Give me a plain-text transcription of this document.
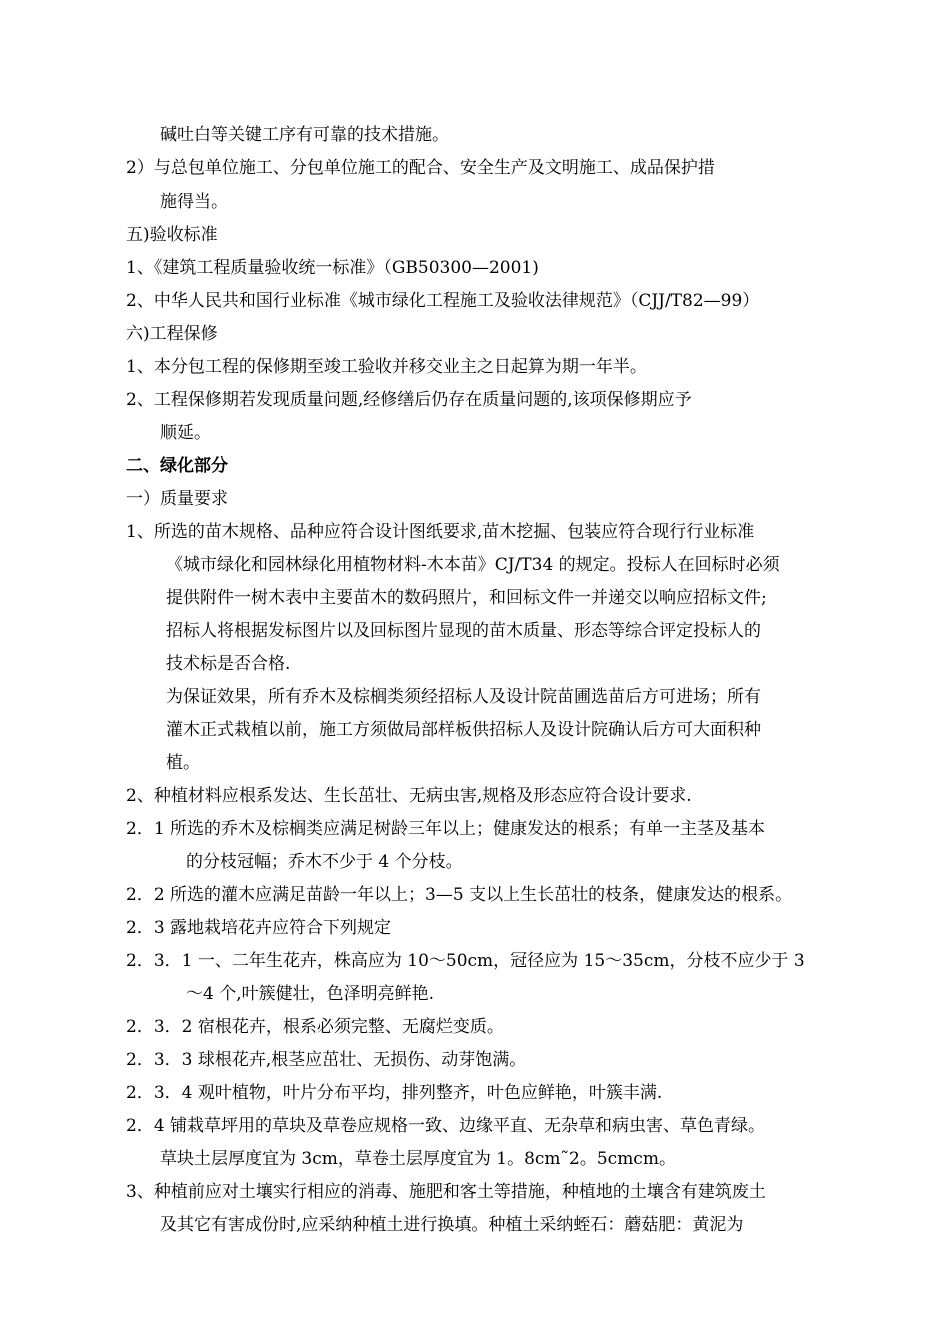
碱吐白等关键工序有可靠的技术措施。
2）与总包单位施工、分包单位施工的配合、安全生产及文明施工、成品保护措
施得当。
五)验收标准
1、《建筑工程质量验收统一标准》（GB50300—2001)
2、中华人民共和国行业标准《城市绿化工程施工及验收法律规范》（CJJ/T82—99）
六)工程保修
1、本分包工程的保修期至竣工验收并移交业主之日起算为期一年半。
2、工程保修期若发现质量问题,经修缮后仍存在质量问题的,该项保修期应予
顺延。
二、绿化部分
一）质量要求
1、所选的苗木规格、品种应符合设计图纸要求,苗木挖掘、包装应符合现行行业标准
《城市绿化和园林绿化用植物材料-木本苗》CJ/T34 的规定。投标人在回标时必须
提供附件一树木表中主要苗木的数码照片，和回标文件一并递交以响应招标文件;
招标人将根据发标图片以及回标图片显现的苗木质量、形态等综合评定投标人的
技术标是否合格.
为保证效果，所有乔木及棕榈类须经招标人及设计院苗圃选苗后方可进场；所有
灌木正式栽植以前，施工方须做局部样板供招标人及设计院确认后方可大面积种
植。
2、种植材料应根系发达、生长茁壮、无病虫害,规格及形态应符合设计要求.
2．1 所选的乔木及棕榈类应满足树龄三年以上；健康发达的根系；有单一主茎及基本
的分枝冠幅；乔木不少于 4 个分枝。
2．2 所选的灌木应满足苗龄一年以上；3—5 支以上生长茁壮的枝条，健康发达的根系。
2．3 露地栽培花卉应符合下列规定
2．3．1 一、二年生花卉，株高应为 10～50cm，冠径应为 15～35cm，分枝不应少于 3
～4 个,叶簇健壮，色泽明亮鲜艳.
2．3．2 宿根花卉，根系必须完整、无腐烂变质。
2．3．3 球根花卉,根茎应茁壮、无损伤、动芽饱满。
2．3．4 观叶植物，叶片分布平均，排列整齐，叶色应鲜艳，叶簇丰满.
2．4 铺栽草坪用的草块及草卷应规格一致、边缘平直、无杂草和病虫害、草色青绿。
草块土层厚度宜为 3cm，草卷土层厚度宜为 1。8cm˜2。5cmcm。
3、种植前应对土壤实行相应的消毒、施肥和客土等措施，种植地的土壤含有建筑废土
及其它有害成份时,应采纳种植土进行换填。种植土采纳蛭石：蘑菇肥：黄泥为
